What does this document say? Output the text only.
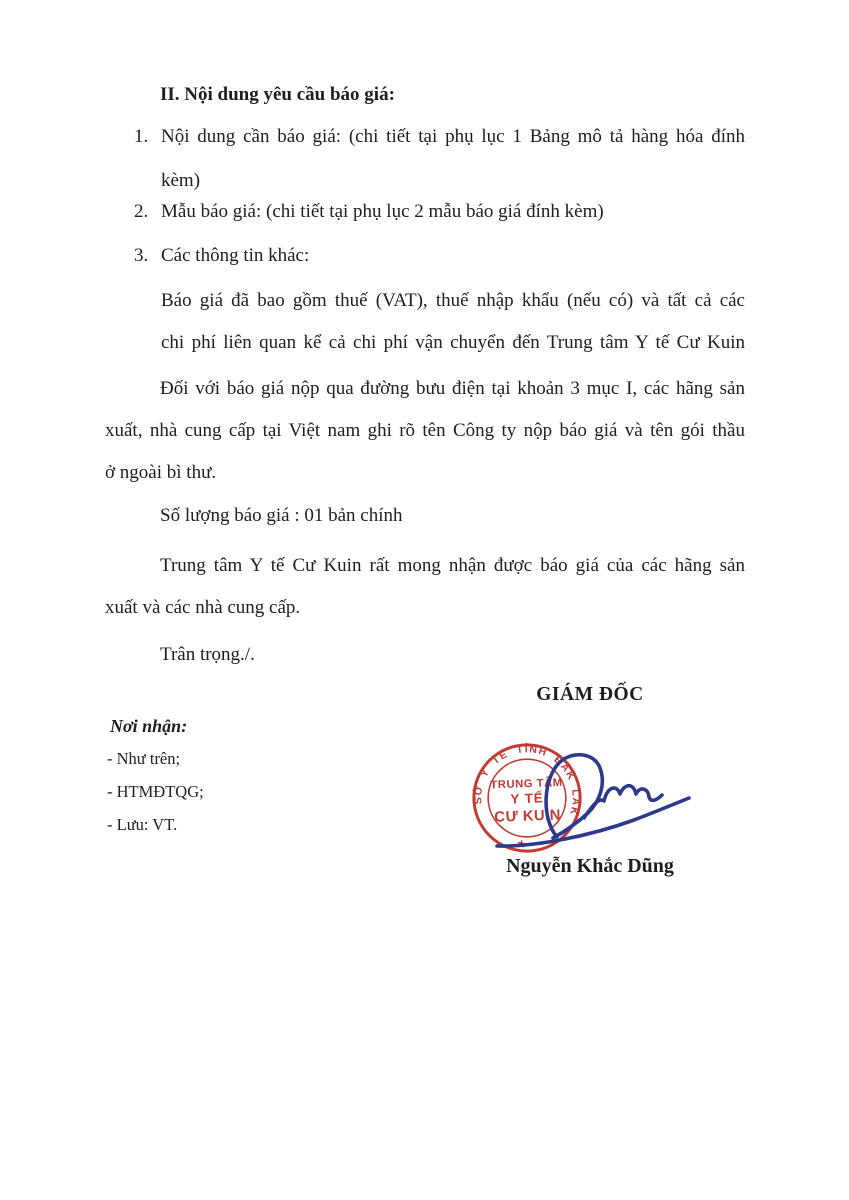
II. Nội dung yêu cầu báo giá:
1. Nội dung cần báo giá: (chi tiết tại phụ lục 1 Bảng mô tả hàng hóa đính
kèm)
2. Mẫu báo giá: (chi tiết tại phụ lục 2 mẫu báo giá đính kèm)
3. Các thông tin khác:
Báo giá đã bao gồm thuế (VAT), thuế nhập khẩu (nếu có) và tất cả các
chi phí liên quan kể cả chi phí vận chuyển đến Trung tâm Y tế Cư Kuin
Đối với báo giá nộp qua đường bưu điện tại khoản 3 mục I, các hãng sản
xuất, nhà cung cấp tại Việt nam ghi rõ tên Công ty nộp báo giá và tên gói thầu
ở ngoài bì thư.
Số lượng báo giá : 01 bản chính
Trung tâm Y tế Cư Kuin rất mong nhận được báo giá của các hãng sản
xuất và các nhà cung cấp.
Trân trọng./.
GIÁM ĐỐC
Nơi nhận:
- Như trên;
- HTMĐTQG;
- Lưu: VT.
SỞ Y TẾ TỈNH ĐẮK LẮK
★
TRUNG TÂM
Y TẾ
CƯ KUIN
Nguyễn Khắc Dũng
